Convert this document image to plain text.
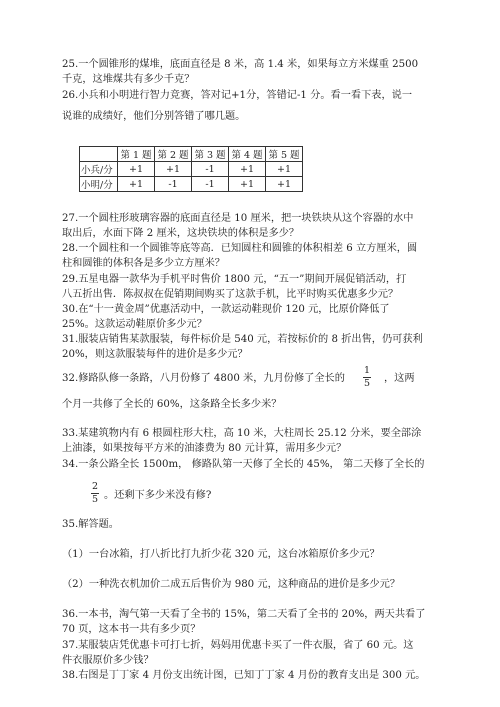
25.一个圆锥形的煤堆，底面直径是 8 米，高 1.4 米，如果每立方米煤重 2500
千克，这堆煤共有多少千克？
26.小兵和小明进行智力竞赛，答对记+1分，答错记-1 分。看一看下表，说一
说谁的成绩好，他们分别答错了哪几题。
	第 1 题	第 2 题	第 3 题	第 4 题	第 5 题
小兵/分	+1	+1	-1	+1	+1
小明/分	+1	-1	-1	+1	+1
27.一个圆柱形玻璃容器的底面直径是 10 厘米，把一块铁块从这个容器的水中
取出后，水面下降 2 厘米，这块铁块的体积是多少？
28.一个圆柱和一个圆锥等底等高．已知圆柱和圆锥的体积相差 6 立方厘米，圆
柱和圆锥的体积各是多少立方厘米？
29.五星电器一款华为手机平时售价 1800 元，“五一”期间开展促销活动，打
八五折出售．陈叔叔在促销期间购买了这款手机，比平时购买优惠多少元？
30.在“十一黄金周”优惠活动中，一款运动鞋现价 120 元，比原价降低了
25%。这款运动鞋原价多少元？
31.服装店销售某款服装，每件标价是 540 元，若按标价的 8 折出售，仍可获利
20%，则这款服装每件的进价是多少元？
32.修路队修一条路，八月份修了 4800 米，九月份修了全长的
1
5	，这两
个月一共修了全长的 60%，这条路全长多少米？
33.某建筑物内有 6 根圆柱形大柱，高 10 米，大柱周长 25.12 分米，要全部涂
上油漆，如果按每平方米的油漆费为 80 元计算，需用多少元？
34.一条公路全长 1500m， 修路队第一天修了全长的 45%， 第二天修了全长的
2
5 。还剩下多少米没有修?
35.解答题。
（1）一台冰箱，打八折比打九折少花 320 元，这台冰箱原价多少元？
（2）一种洗衣机加价二成五后售价为 980 元，这种商品的进价是多少元？
36.一本书，淘气第一天看了全书的 15%，第二天看了全书的 20%，两天共看了
70 页，这本书一共有多少页？
37.某服装店凭优惠卡可打七折，妈妈用优惠卡买了一件衣服，省了 60 元。这
件衣服原价多少钱？
38.右图是丁丁家 4 月份支出统计图，已知丁丁家 4 月份的教育支出是 300 元。
